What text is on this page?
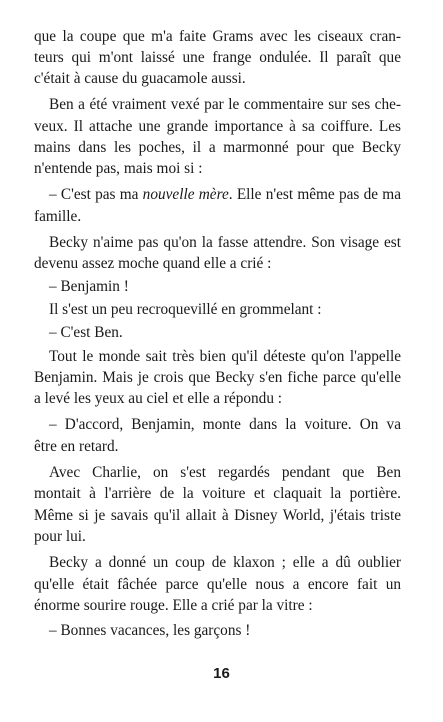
que la coupe que m'a faite Grams avec les ciseaux cran-
teurs qui m'ont laissé une frange ondulée. Il paraît que
c'était à cause du guacamole aussi.
Ben a été vraiment vexé par le commentaire sur ses che-
veux. Il attache une grande importance à sa coiffure. Les
mains dans les poches, il a marmonné pour que Becky
n'entende pas, mais moi si :
– C'est pas ma nouvelle mère. Elle n'est même pas de ma
famille.
Becky n'aime pas qu'on la fasse attendre. Son visage est
devenu assez moche quand elle a crié :
– Benjamin !
Il s'est un peu recroquevillé en grommelant :
– C'est Ben.
Tout le monde sait très bien qu'il déteste qu'on l'appelle
Benjamin. Mais je crois que Becky s'en fiche parce qu'elle
a levé les yeux au ciel et elle a répondu :
– D'accord, Benjamin, monte dans la voiture. On va
être en retard.
Avec Charlie, on s'est regardés pendant que Ben
montait à l'arrière de la voiture et claquait la portière.
Même si je savais qu'il allait à Disney World, j'étais triste
pour lui.
Becky a donné un coup de klaxon ; elle a dû oublier
qu'elle était fâchée parce qu'elle nous a encore fait un
énorme sourire rouge. Elle a crié par la vitre :
– Bonnes vacances, les garçons !
16
